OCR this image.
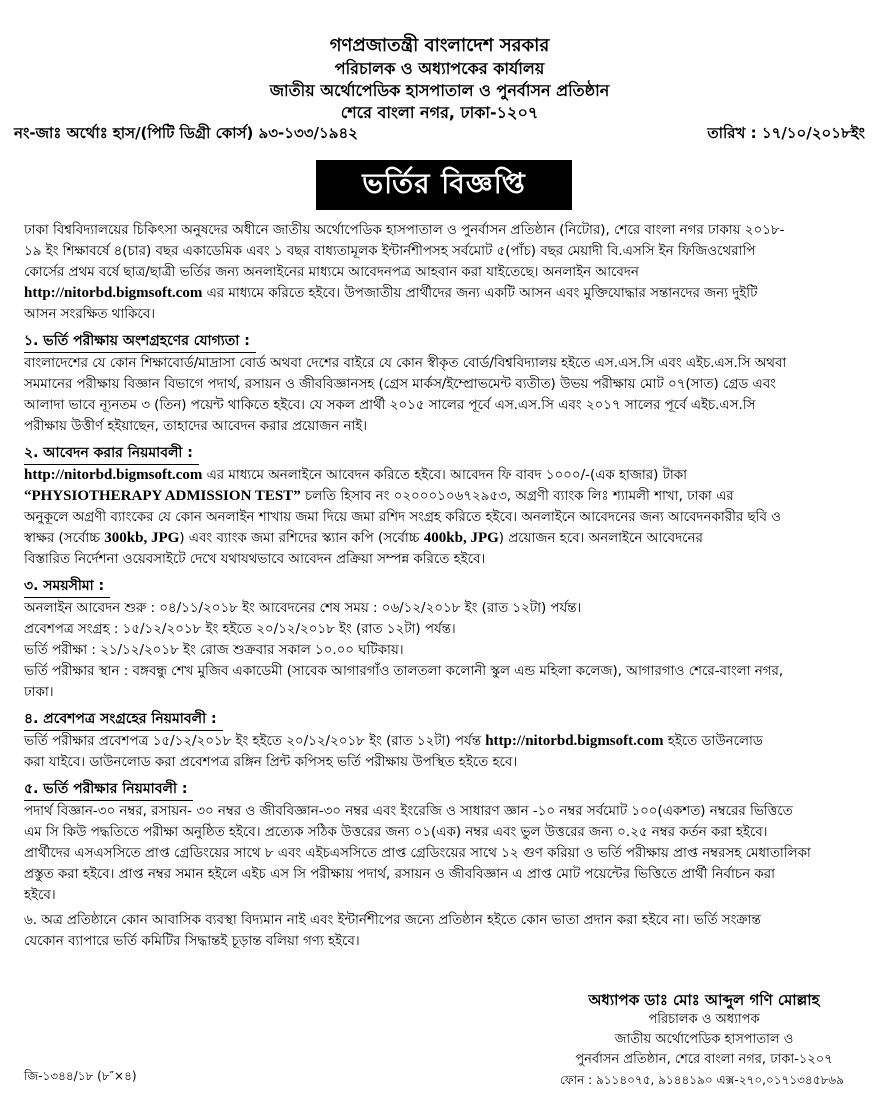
গণপ্রজাতন্ত্রী বাংলাদেশ সরকার
পরিচালক ও অধ্যাপকের কার্যালয়
জাতীয় অর্থোপেডিক হাসপাতাল ও পুনর্বাসন প্রতিষ্ঠান
শেরে বাংলা নগর, ঢাকা-১২০৭
নং-জাঃ অর্থোঃ হাস/(পিটি ডিগ্রী কোর্স) ৯৩-১৩৩/১৯৪২	তারিখ : ১৭/১০/২০১৮ইং
ভর্তির বিজ্ঞপ্তি
ঢাকা বিশ্ববিদ্যালয়ের চিকিৎসা অনুষদের অধীনে জাতীয় অর্থোপেডিক হাসপাতাল ও পুনর্বাসন প্রতিষ্ঠান (নিটোর), শেরে বাংলা নগর ঢাকায় ২০১৮-
১৯ ইং শিক্ষাবর্ষে ৪(চার) বছর একাডেমিক এবং ১ বছর বাধ্যতামূলক ইন্টার্নশীপসহ সর্বমোট ৫(পাঁচ) বছর মেয়াদী বি.এসসি ইন ফিজিওথেরাপি
কোর্সের প্রথম বর্ষে ছাত্র/ছাত্রী ভর্তির জন্য অনলাইনের মাধ্যমে আবেদনপত্র আহবান করা যাইতেছে। অনলাইন আবেদন
http://nitorbd.bigmsoft.com এর মাধ্যমে করিতে হইবে। উপজাতীয় প্রার্থীদের জন্য একটি আসন এবং মুক্তিযোদ্ধার সন্তানদের জন্য দুইটি
আসন সংরক্ষিত থাকিবে।
১. ভর্তি পরীক্ষায় অংশগ্রহণের যোগ্যতা :
বাংলাদেশের যে কোন শিক্ষাবোর্ড/মাদ্রাসা বোর্ড অথবা দেশের বাইরে যে কোন স্বীকৃত বোর্ড/বিশ্ববিদ্যালয় হইতে এস.এস.সি এবং এইচ.এস.সি অথবা
সমমানের পরীক্ষায় বিজ্ঞান বিভাগে পদার্থ, রসায়ন ও জীববিজ্ঞানসহ (গ্রেস মার্কস/ইম্প্রোভমেন্ট ব্যতীত) উভয় পরীক্ষায় মোট ০৭(সাত) গ্রেড এবং
আলাদা ভাবে ন্যূনতম ৩ (তিন) পয়েন্ট থাকিতে হইবে। যে সকল প্রার্থী ২০১৫ সালের পূর্বে এস.এস.সি এবং ২০১৭ সালের পূর্বে এইচ.এস.সি
পরীক্ষায় উত্তীর্ণ হইয়াছেন, তাহাদের আবেদন করার প্রয়োজন নাই।
২. আবেদন করার নিয়মাবলী :
http://nitorbd.bigmsoft.com এর মাধ্যমে অনলাইনে আবেদন করিতে হইবে। আবেদন ফি বাবদ ১০০০/-(এক হাজার) টাকা
“PHYSIOTHERAPY ADMISSION TEST” চলতি হিসাব নং ০২০০০১০৬৭২৯৫৩, অগ্রণী ব্যাংক লিঃ শ্যামলী শাখা, ঢাকা এর
অনুকূলে অগ্রণী ব্যাংকের যে কোন অনলাইন শাখায় জমা দিয়ে জমা রশিদ সংগ্রহ করিতে হইবে। অনলাইনে আবেদনের জন্য আবেদনকারীর ছবি ও
স্বাক্ষর (সর্বোচ্চ 300kb, JPG) এবং ব্যাংক জমা রশিদের স্ক্যান কপি (সর্বোচ্চ 400kb, JPG) প্রয়োজন হবে। অনলাইনে আবেদনের
বিস্তারিত নির্দেশনা ওয়েবসাইটে দেখে যথাযথভাবে আবেদন প্রক্রিয়া সম্পন্ন করিতে হইবে।
৩. সময়সীমা :
অনলাইন আবেদন শুরু : ০৪/১১/২০১৮ ইং আবেদনের শেষ সময় : ০৬/১২/২০১৮ ইং (রাত ১২টা) পর্যন্ত।
প্রবেশপত্র সংগ্রহ : ১৫/১২/২০১৮ ইং হইতে ২০/১২/২০১৮ ইং (রাত ১২টা) পর্যন্ত।
ভর্তি পরীক্ষা : ২১/১২/২০১৮ ইং রোজ শুক্রবার সকাল ১০.০০ ঘটিকায়।
ভর্তি পরীক্ষার স্থান : বঙ্গবন্ধু শেখ মুজিব একাডেমী (সাবেক আগারগাঁও তালতলা কলোনী স্কুল এন্ড মহিলা কলেজ), আগারগাও শেরে-বাংলা নগর,
ঢাকা।
৪. প্রবেশপত্র সংগ্রহের নিয়মাবলী :
ভর্তি পরীক্ষার প্রবেশপত্র ১৫/১২/২০১৮ ইং হইতে ২০/১২/২০১৮ ইং (রাত ১২টা) পর্যন্ত http://nitorbd.bigmsoft.com হইতে ডাউনলোড
করা যাইবে। ডাউনলোড করা প্রবেশপত্র রঙ্গিন প্রিন্ট কপিসহ ভর্তি পরীক্ষায় উপস্থিত হইতে হবে।
৫. ভর্তি পরীক্ষার নিয়মাবলী :
পদার্থ বিজ্ঞান-৩০ নম্বর, রসায়ন- ৩০ নম্বর ও জীববিজ্ঞান-৩০ নম্বর এবং ইংরেজি ও সাধারণ জ্ঞান -১০ নম্বর সর্বমোট ১০০(একশত) নম্বরের ভিত্তিতে
এম সি কিউ পদ্ধতিতে পরীক্ষা অনুষ্ঠিত হইবে। প্রত্যেক সঠিক উত্তরের জন্য ০১(এক) নম্বর এবং ভুল উত্তরের জন্য ০.২৫ নম্বর কর্তন করা হইবে।
প্রার্থীদের এসএসসিতে প্রাপ্ত গ্রেডিংয়ের সাথে ৮ এবং এইচএসসিতে প্রাপ্ত গ্রেডিংয়ের সাথে ১২ গুণ করিয়া ও ভর্তি পরীক্ষায় প্রাপ্ত নম্বরসহ মেধাতালিকা
প্রস্তুত করা হইবে। প্রাপ্ত নম্বর সমান হইলে এইচ এস সি পরীক্ষায় পদার্থ, রসায়ন ও জীববিজ্ঞান এ প্রাপ্ত মোট পয়েন্টের ভিত্তিতে প্রার্থী নির্বাচন করা
হইবে।
৬. অত্র প্রতিষ্ঠানে কোন আবাসিক ব্যবস্থা বিদ্যমান নাই এবং ইন্টার্নশীপের জন্যে প্রতিষ্ঠান হইতে কোন ভাতা প্রদান করা হইবে না। ভর্তি সংক্রান্ত
যেকোন ব্যাপারে ভর্তি কমিটির সিদ্ধান্তই চূড়ান্ত বলিয়া গণ্য হইবে।
অধ্যাপক ডাঃ মোঃ আব্দুল গণি মোল্লাহ
পরিচালক ও অধ্যাপক
জাতীয় অর্থোপেডিক হাসপাতাল ও
পুনর্বাসন প্রতিষ্ঠান, শেরে বাংলা নগর, ঢাকা-১২০৭
জি-১৩৪৪/১৮ (৮″×৪)	ফোন : ৯১১৪০৭৫, ৯১৪৪১৯০ এক্স-২৭০,০১৭১৩৪৫৮৬৯
